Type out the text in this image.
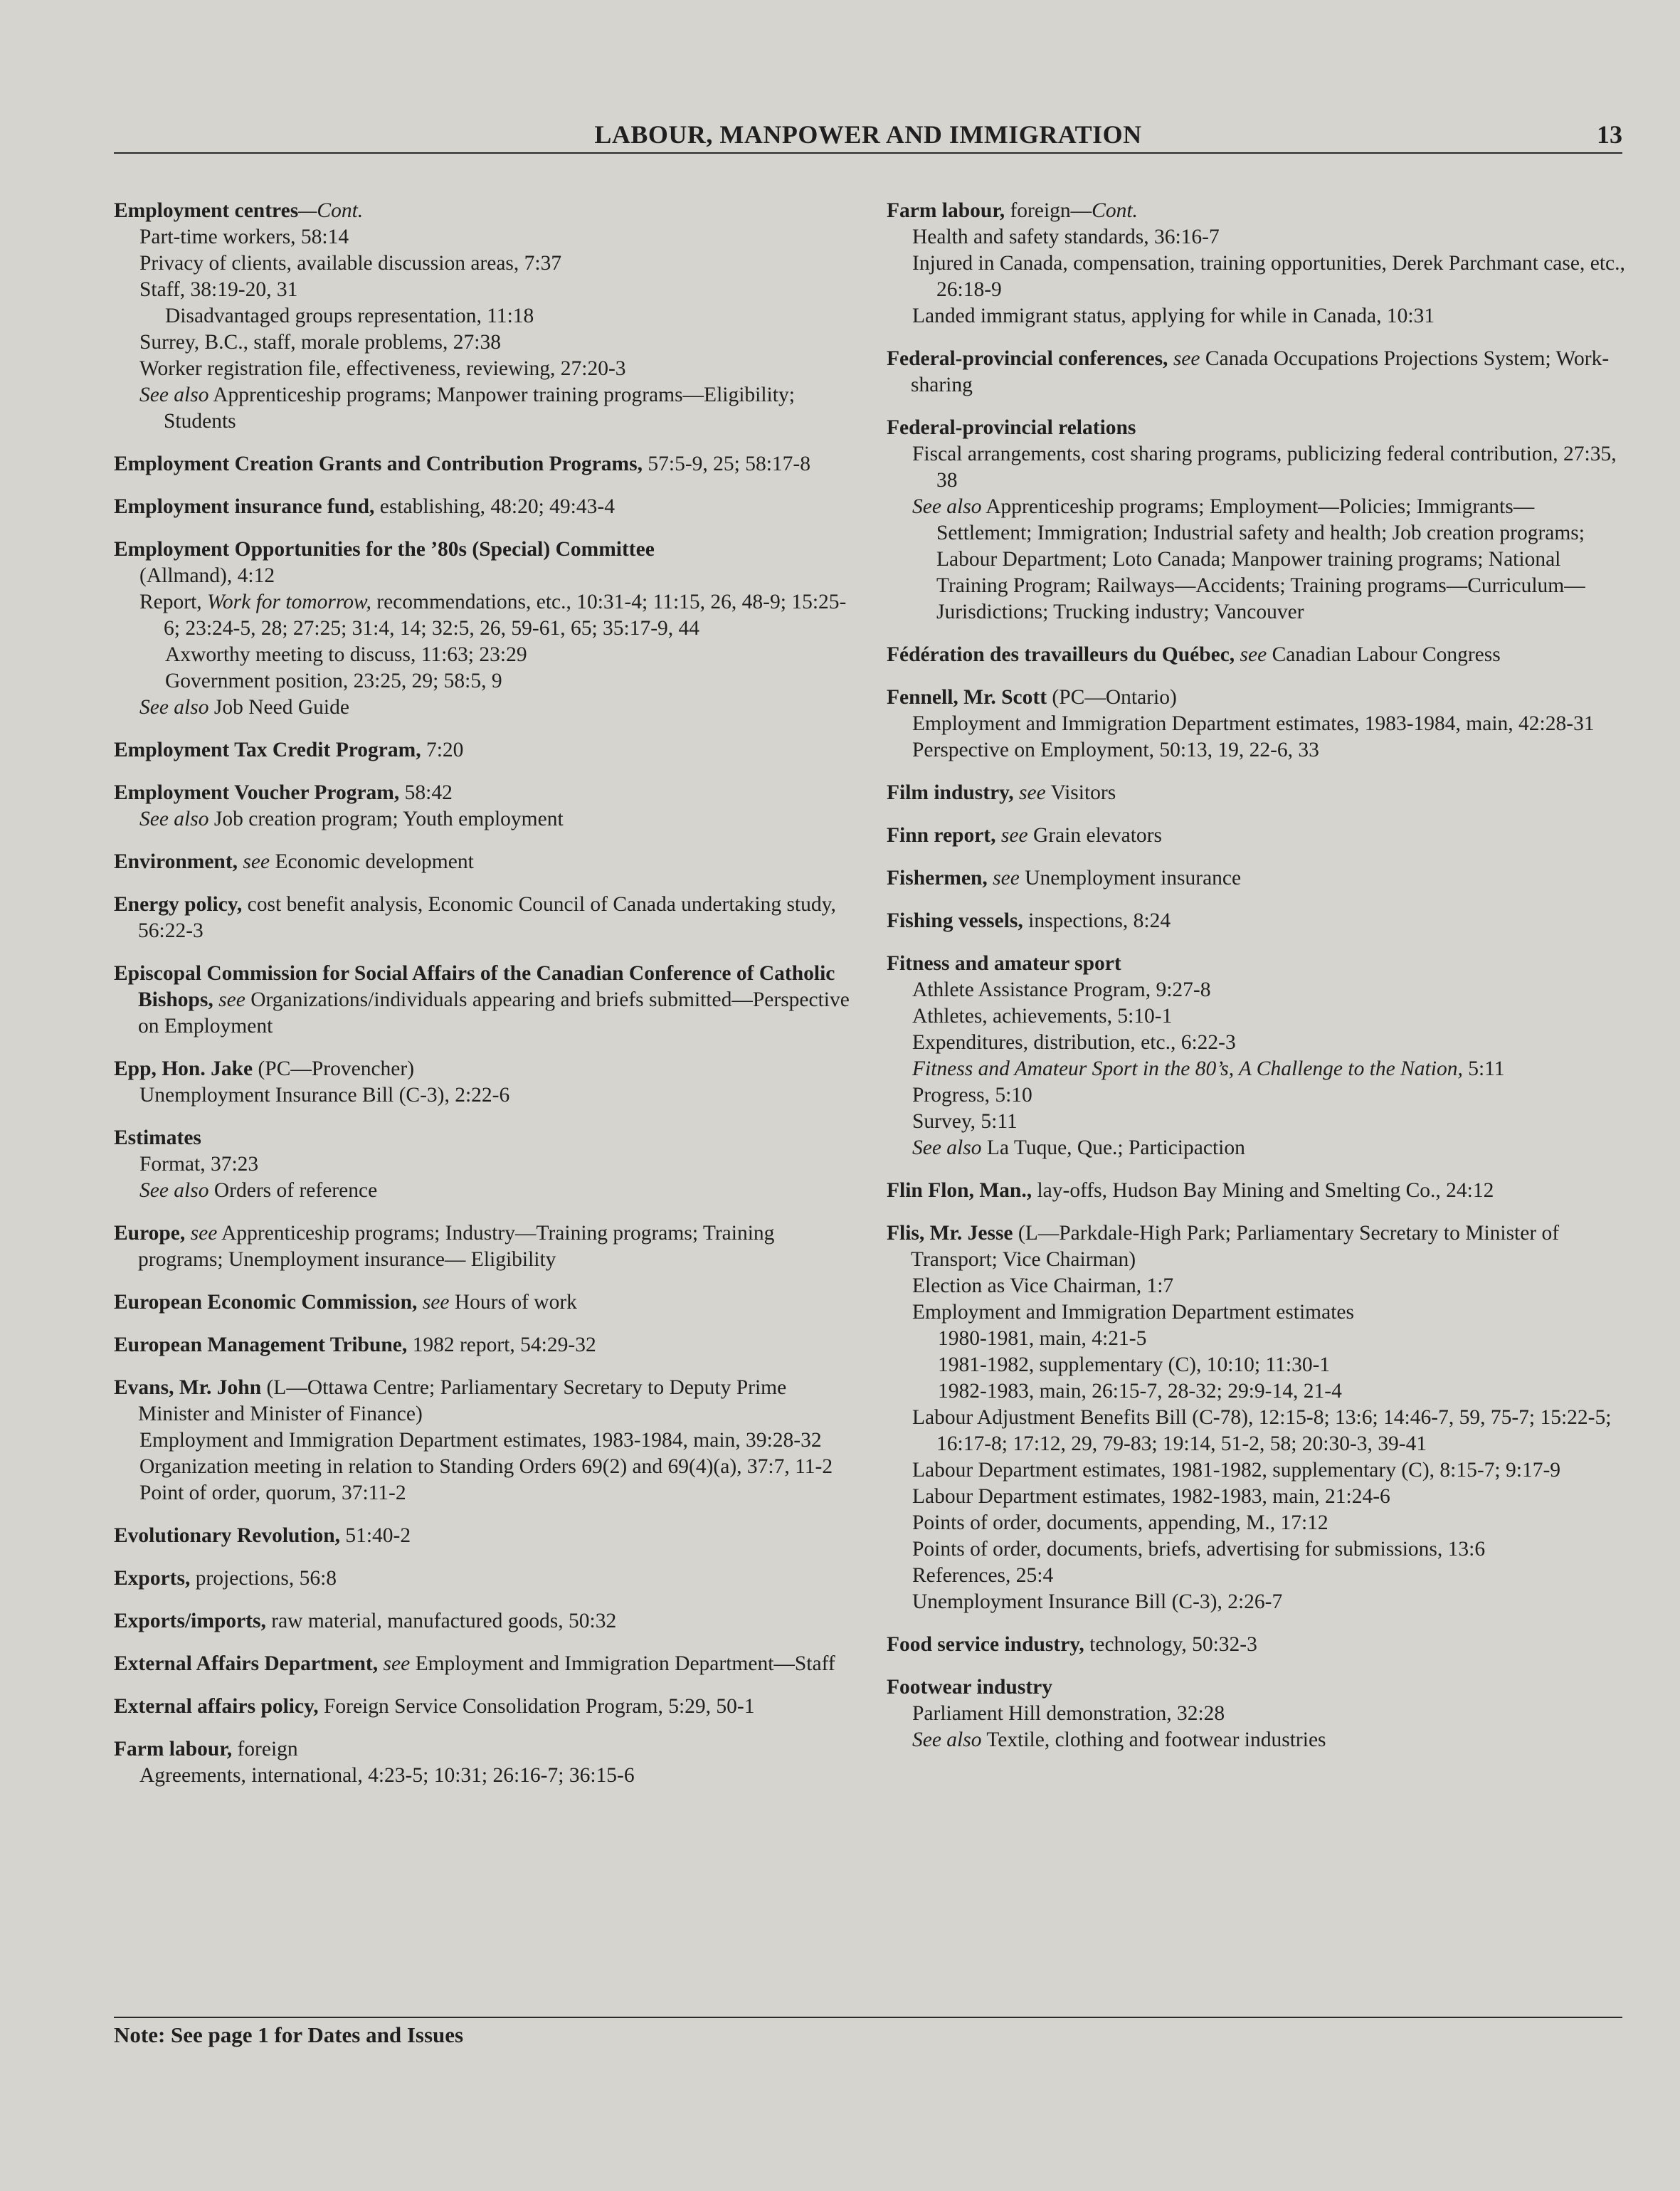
LABOUR, MANPOWER AND IMMIGRATION	13
Employment centres—Cont.
Part-time workers, 58:14
Privacy of clients, available discussion areas, 7:37
Staff, 38:19-20, 31
Disadvantaged groups representation, 11:18
Surrey, B.C., staff, morale problems, 27:38
Worker registration file, effectiveness, reviewing, 27:20-3
See also Apprenticeship programs; Manpower training programs—Eligibility; Students
Employment Creation Grants and Contribution Programs, 57:5-9, 25; 58:17-8
Employment insurance fund, establishing, 48:20; 49:43-4
Employment Opportunities for the ’80s (Special) Committee
(Allmand), 4:12
Report, Work for tomorrow, recommendations, etc., 10:31-4; 11:15, 26, 48-9; 15:25-6; 23:24-5, 28; 27:25; 31:4, 14; 32:5, 26, 59-61, 65; 35:17-9, 44
Axworthy meeting to discuss, 11:63; 23:29
Government position, 23:25, 29; 58:5, 9
See also Job Need Guide
Employment Tax Credit Program, 7:20
Employment Voucher Program, 58:42
See also Job creation program; Youth employment
Environment, see Economic development
Energy policy, cost benefit analysis, Economic Council of Canada undertaking study, 56:22-3
Episcopal Commission for Social Affairs of the Canadian Conference of Catholic Bishops, see Organizations/individuals appearing and briefs submitted—Perspective on Employment
Epp, Hon. Jake (PC—Provencher)
Unemployment Insurance Bill (C-3), 2:22-6
Estimates
Format, 37:23
See also Orders of reference
Europe, see Apprenticeship programs; Industry—Training programs; Training programs; Unemployment insurance— Eligibility
European Economic Commission, see Hours of work
European Management Tribune, 1982 report, 54:29-32
Evans, Mr. John (L—Ottawa Centre; Parliamentary Secretary to Deputy Prime Minister and Minister of Finance)
Employment and Immigration Department estimates, 1983-1984, main, 39:28-32
Organization meeting in relation to Standing Orders 69(2) and 69(4)(a), 37:7, 11-2
Point of order, quorum, 37:11-2
Evolutionary Revolution, 51:40-2
Exports, projections, 56:8
Exports/imports, raw material, manufactured goods, 50:32
External Affairs Department, see Employment and Immigration Department—Staff
External affairs policy, Foreign Service Consolidation Program, 5:29, 50-1
Farm labour, foreign
Agreements, international, 4:23-5; 10:31; 26:16-7; 36:15-6
Farm labour, foreign—Cont.
Health and safety standards, 36:16-7
Injured in Canada, compensation, training opportunities, Derek Parchmant case, etc., 26:18-9
Landed immigrant status, applying for while in Canada, 10:31
Federal-provincial conferences, see Canada Occupations Projections System; Work-sharing
Federal-provincial relations
Fiscal arrangements, cost sharing programs, publicizing federal contribution, 27:35, 38
See also Apprenticeship programs; Employment—Policies; Immigrants—Settlement; Immigration; Industrial safety and health; Job creation programs; Labour Department; Loto Canada; Manpower training programs; National Training Program; Railways—Accidents; Training programs—Curriculum—Jurisdictions; Trucking industry; Vancouver
Fédération des travailleurs du Québec, see Canadian Labour Congress
Fennell, Mr. Scott (PC—Ontario)
Employment and Immigration Department estimates, 1983-1984, main, 42:28-31
Perspective on Employment, 50:13, 19, 22-6, 33
Film industry, see Visitors
Finn report, see Grain elevators
Fishermen, see Unemployment insurance
Fishing vessels, inspections, 8:24
Fitness and amateur sport
Athlete Assistance Program, 9:27-8
Athletes, achievements, 5:10-1
Expenditures, distribution, etc., 6:22-3
Fitness and Amateur Sport in the 80’s, A Challenge to the Nation, 5:11
Progress, 5:10
Survey, 5:11
See also La Tuque, Que.; Participaction
Flin Flon, Man., lay-offs, Hudson Bay Mining and Smelting Co., 24:12
Flis, Mr. Jesse (L—Parkdale-High Park; Parliamentary Secretary to Minister of Transport; Vice Chairman)
Election as Vice Chairman, 1:7
Employment and Immigration Department estimates
1980-1981, main, 4:21-5
1981-1982, supplementary (C), 10:10; 11:30-1
1982-1983, main, 26:15-7, 28-32; 29:9-14, 21-4
Labour Adjustment Benefits Bill (C-78), 12:15-8; 13:6; 14:46-7, 59, 75-7; 15:22-5; 16:17-8; 17:12, 29, 79-83; 19:14, 51-2, 58; 20:30-3, 39-41
Labour Department estimates, 1981-1982, supplementary (C), 8:15-7; 9:17-9
Labour Department estimates, 1982-1983, main, 21:24-6
Points of order, documents, appending, M., 17:12
Points of order, documents, briefs, advertising for submissions, 13:6
References, 25:4
Unemployment Insurance Bill (C-3), 2:26-7
Food service industry, technology, 50:32-3
Footwear industry
Parliament Hill demonstration, 32:28
See also Textile, clothing and footwear industries
Note: See page 1 for Dates and Issues
